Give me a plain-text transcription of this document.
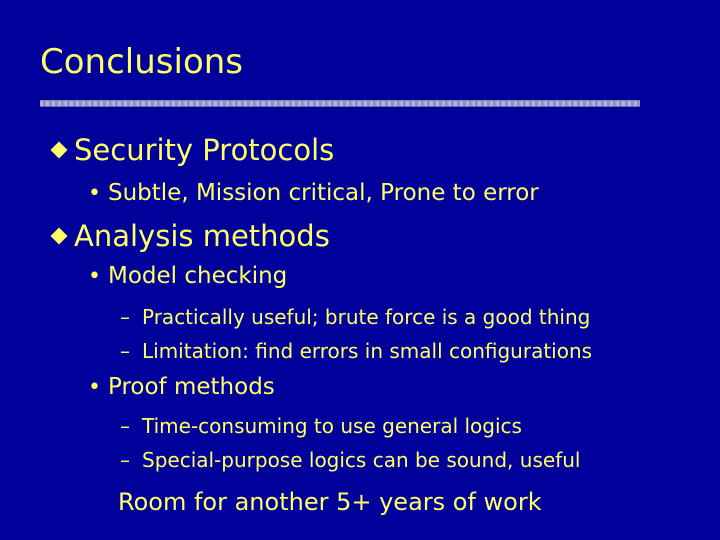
Conclusions
Security Protocols
• Subtle, Mission critical, Prone to error
Analysis methods
• Model checking
– Practically useful; brute force is a good thing
– Limitation: find errors in small configurations
• Proof methods
– Time-consuming to use general logics
– Special-purpose logics can be sound, useful
Room for another 5+ years of work
